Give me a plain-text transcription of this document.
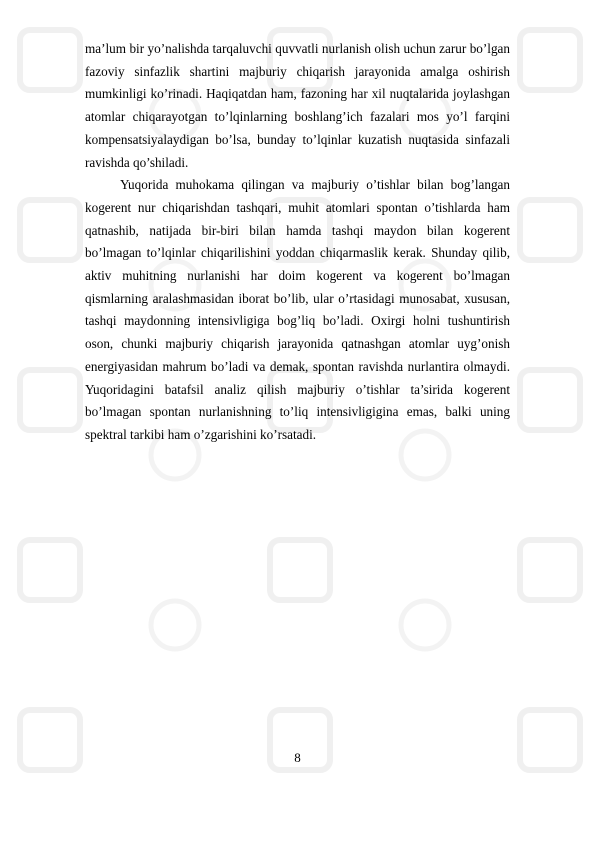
ma’lum bir yo’nalishda tarqaluvchi quvvatli nurlanish olish uchun zarur bo’lgan fazoviy sinfazlik shartini majburiy chiqarish jarayonida amalga oshirish mumkinligi ko’rinadi. Haqiqatdan ham, fazoning har xil nuqtalarida joylashgan atomlar chiqarayotgan to’lqinlarning boshlang’ich fazalari mos yo’l farqini kompensatsiyalaydigan bo’lsa, bunday to’lqinlar kuzatish nuqtasida sinfazali ravishda qo’shiladi.

Yuqorida muhokama qilingan va majburiy o’tishlar bilan bog’langan kogerent nur chiqarishdan tashqari, muhit atomlari spontan o’tishlarda ham qatnashib, natijada bir-biri bilan hamda tashqi maydon bilan kogerent bo’lmagan to’lqinlar chiqarilishini yoddan chiqarmaslik kerak. Shunday qilib, aktiv muhitning nurlanishi har doim kogerent va kogerent bo’lmagan qismlarning aralashmasidan iborat bo’lib, ular o’rtasidagi munosabat, xususan, tashqi maydonning intensivligiga bog’liq bo’ladi. Oxirgi holni tushuntirish oson, chunki majburiy chiqarish jarayonida qatnashgan atomlar uyg’onish energiyasidan mahrum bo’ladi va demak, spontan ravishda nurlantira olmaydi. Yuqoridagini batafsil analiz qilish majburiy o’tishlar ta’sirida kogerent bo’lmagan spontan nurlanishning to’liq intensivligigina emas, balki uning spektral tarkibi ham o’zgarishini ko’rsatadi.

8
